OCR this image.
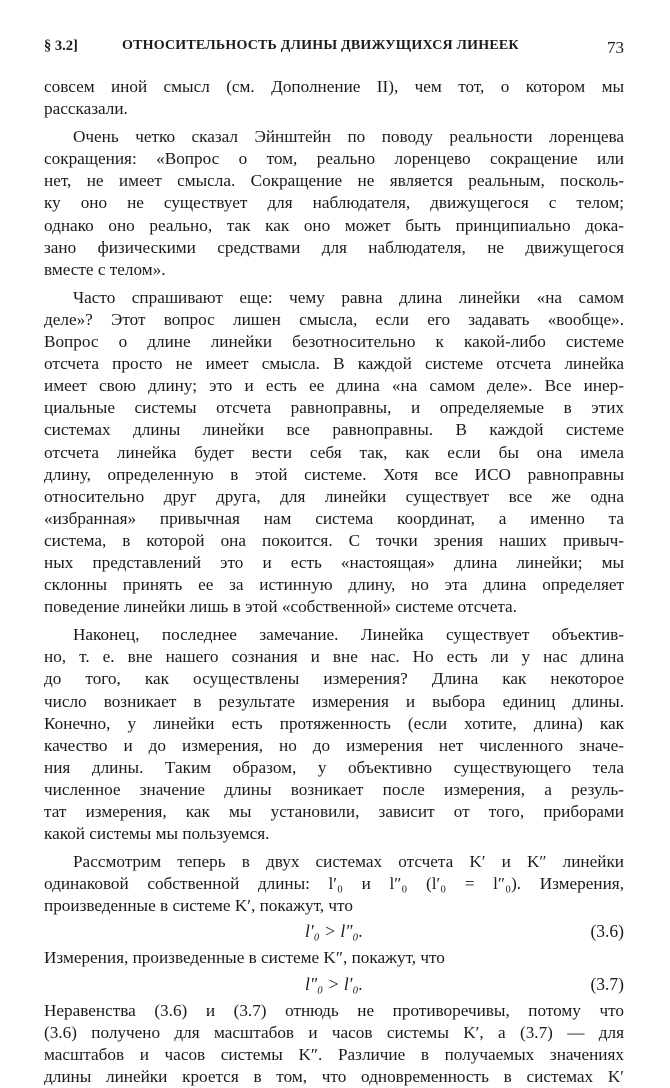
§ 3.2]	ОТНОСИТЕЛЬНОСТЬ ДЛИНЫ ДВИЖУЩИХСЯ ЛИНЕЕК	73
совсем иной смысл (см. Дополнение II), чем тот, о котором мы
рассказали.
Очень четко сказал Эйнштейн по поводу реальности лоренцева
сокращения: «Вопрос о том, реально лоренцево сокращение или
нет, не имеет смысла. Сокращение не является реальным, посколь-
ку оно не существует для наблюдателя, движущегося с телом;
однако оно реально, так как оно может быть принципиально дока-
зано физическими средствами для наблюдателя, не движущегося
вместе с телом».
Часто спрашивают еще: чему равна длина линейки «на самом
деле»? Этот вопрос лишен смысла, если его задавать «вообще».
Вопрос о длине линейки безотносительно к какой-либо системе
отсчета просто не имеет смысла. В каждой системе отсчета линейка
имеет свою длину; это и есть ее длина «на самом деле». Все инер-
циальные системы отсчета равноправны, и определяемые в этих
системах длины линейки все равноправны. В каждой системе
отсчета линейка будет вести себя так, как если бы она имела
длину, определенную в этой системе. Хотя все ИСО равноправны
относительно друг друга, для линейки существует все же одна
«избранная» привычная нам система координат, а именно та
система, в которой она покоится. С точки зрения наших привыч-
ных представлений это и есть «настоящая» длина линейки; мы
склонны принять ее за истинную длину, но эта длина определяет
поведение линейки лишь в этой «собственной» системе отсчета.
Наконец, последнее замечание. Линейка существует объектив-
но, т. е. вне нашего сознания и вне нас. Но есть ли у нас длина
до того, как осуществлены измерения? Длина как некоторое
число возникает в результате измерения и выбора единиц длины.
Конечно, у линейки есть протяженность (если хотите, длина) как
качество и до измерения, но до измерения нет численного значе-
ния длины. Таким образом, у объективно существующего тела
численное значение длины возникает после измерения, а резуль-
тат измерения, как мы установили, зависит от того, приборами
какой системы мы пользуемся.
Рассмотрим теперь в двух системах отсчета K′ и K″ линейки
одинаковой собственной длины: l′₀ и l″₀ (l′₀ = l″₀). Измерения,
произведенные в системе K′, покажут, что
l′₀ > l″₀.	(3.6)
Измерения, произведенные в системе K″, покажут, что
l″₀ > l′₀.	(3.7)
Неравенства (3.6) и (3.7) отнюдь не противоречивы, потому что
(3.6) получено для масштабов и часов системы K′, а (3.7) — для
масштабов и часов системы K″. Различие в получаемых значениях
длины линейки кроется в том, что одновременность в системах K′
